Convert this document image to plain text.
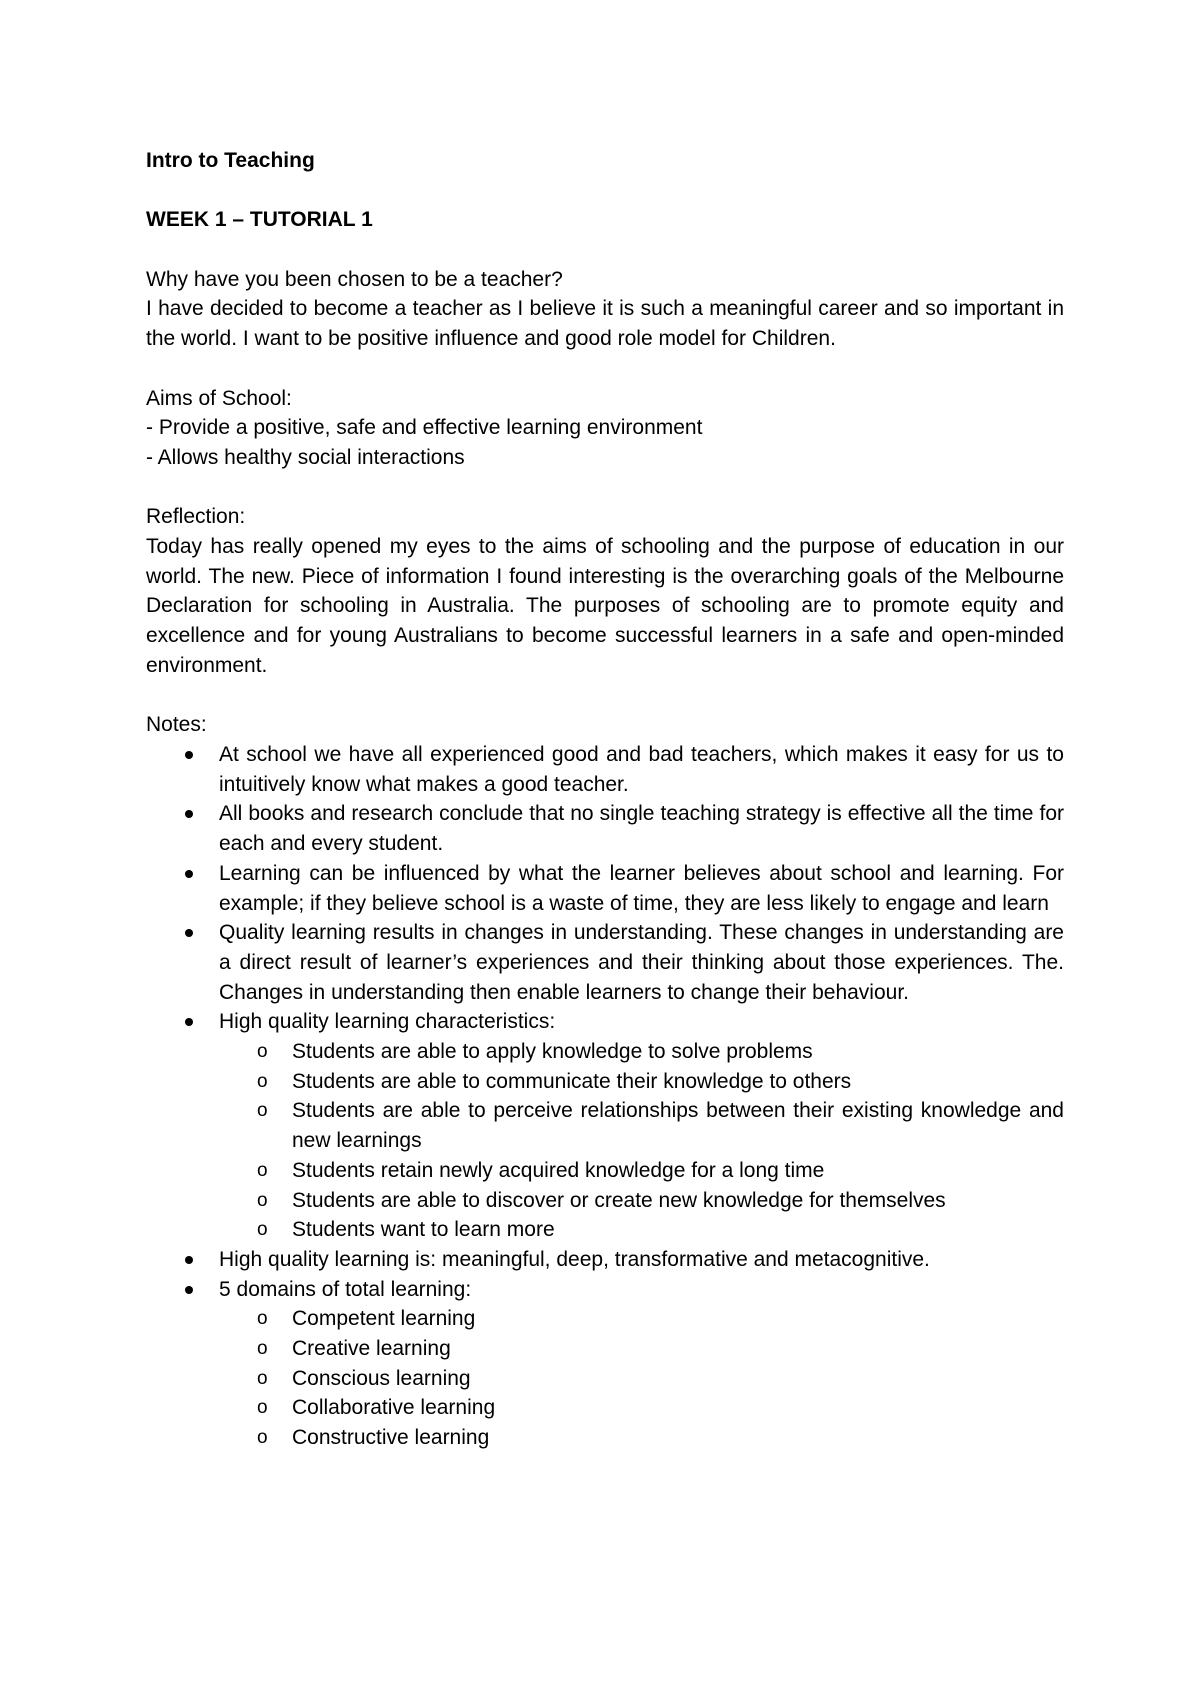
Intro to Teaching

WEEK 1 – TUTORIAL 1

Why have you been chosen to be a teacher?

I have decided to become a teacher as I believe it is such a meaningful career and so important in the world. I want to be positive influence and good role model for Children.

Aims of School:

- Provide a positive, safe and effective learning environment

- Allows healthy social interactions

Reflection:

Today has really opened my eyes to the aims of schooling and the purpose of education in our world. The new. Piece of information I found interesting is the overarching goals of the Melbourne Declaration for schooling in Australia. The purposes of schooling are to promote equity and excellence and for young Australians to become successful learners in a safe and open-minded environment.

Notes:

At school we have all experienced good and bad teachers, which makes it easy for us to intuitively know what makes a good teacher.
All books and research conclude that no single teaching strategy is effective all the time for each and every student.
Learning can be influenced by what the learner believes about school and learning. For example; if they believe school is a waste of time, they are less likely to engage and learn
Quality learning results in changes in understanding. These changes in understanding are a direct result of learner’s experiences and their thinking about those experiences. The. Changes in understanding then enable learners to change their behaviour.
High quality learning characteristics:
o Students are able to apply knowledge to solve problems
o Students are able to communicate their knowledge to others
o Students are able to perceive relationships between their existing knowledge and new learnings
o Students retain newly acquired knowledge for a long time
o Students are able to discover or create new knowledge for themselves
o Students want to learn more
High quality learning is: meaningful, deep, transformative and metacognitive.
5 domains of total learning:
o Competent learning
o Creative learning
o Conscious learning
o Collaborative learning
o Constructive learning
